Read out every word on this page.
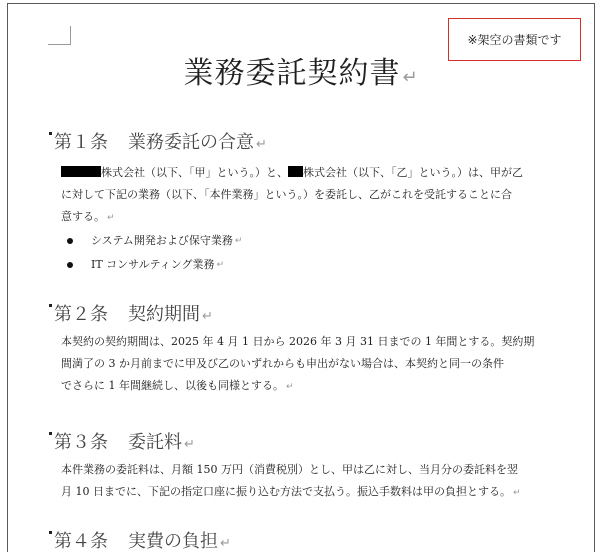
※架空の書類です
業務委託契約書 ↵
第１条 業務委託の合意 ↵
株式会社（以下、「甲」という。）と、 株式会社（以下、「乙」という。）は、甲が乙
に対して下記の業務（以下、「本件業務」という。）を委託し、乙がこれを受託することに合
意する。 ↵
システム開発および保守業務 ↵
IT コンサルティング業務 ↵
第２条 契約期間 ↵
本契約の契約期間は、2025 年 4 月 1 日から 2026 年 3 月 31 日までの 1 年間とする。契約期
間満了の 3 か月前までに甲及び乙のいずれからも申出がない場合は、本契約と同一の条件
でさらに 1 年間継続し、以後も同様とする。 ↵
第３条 委託料 ↵
本件業務の委託料は、月額 150 万円（消費税別）とし、甲は乙に対し、当月分の委託料を翌
月 10 日までに、下記の指定口座に振り込む方法で支払う。振込手数料は甲の負担とする。 ↵
第４条 実費の負担 ↵
